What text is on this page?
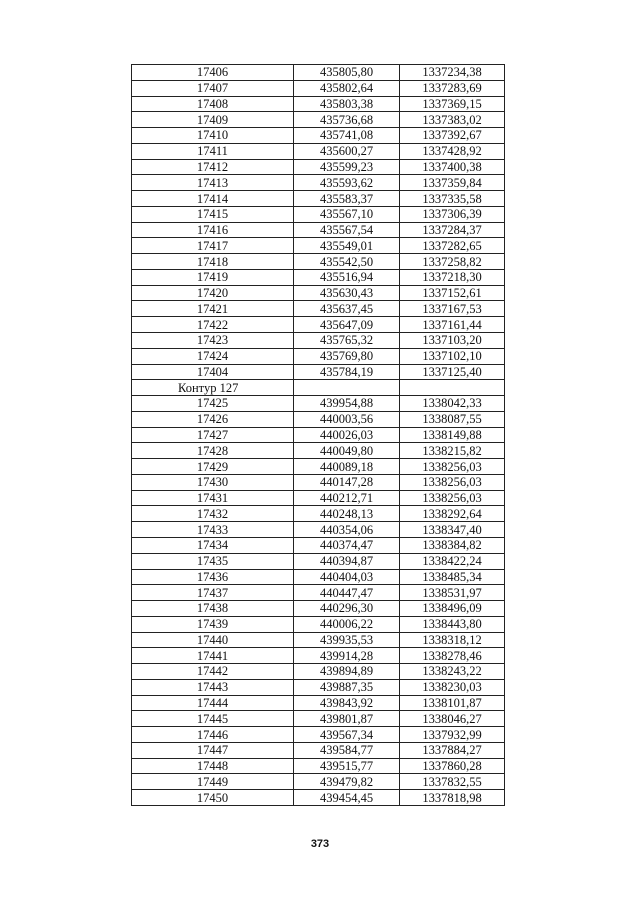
17406	435805,80	1337234,38
17407	435802,64	1337283,69
17408	435803,38	1337369,15
17409	435736,68	1337383,02
17410	435741,08	1337392,67
17411	435600,27	1337428,92
17412	435599,23	1337400,38
17413	435593,62	1337359,84
17414	435583,37	1337335,58
17415	435567,10	1337306,39
17416	435567,54	1337284,37
17417	435549,01	1337282,65
17418	435542,50	1337258,82
17419	435516,94	1337218,30
17420	435630,43	1337152,61
17421	435637,45	1337167,53
17422	435647,09	1337161,44
17423	435765,32	1337103,20
17424	435769,80	1337102,10
17404	435784,19	1337125,40
Контур 127		
17425	439954,88	1338042,33
17426	440003,56	1338087,55
17427	440026,03	1338149,88
17428	440049,80	1338215,82
17429	440089,18	1338256,03
17430	440147,28	1338256,03
17431	440212,71	1338256,03
17432	440248,13	1338292,64
17433	440354,06	1338347,40
17434	440374,47	1338384,82
17435	440394,87	1338422,24
17436	440404,03	1338485,34
17437	440447,47	1338531,97
17438	440296,30	1338496,09
17439	440006,22	1338443,80
17440	439935,53	1338318,12
17441	439914,28	1338278,46
17442	439894,89	1338243,22
17443	439887,35	1338230,03
17444	439843,92	1338101,87
17445	439801,87	1338046,27
17446	439567,34	1337932,99
17447	439584,77	1337884,27
17448	439515,77	1337860,28
17449	439479,82	1337832,55
17450	439454,45	1337818,98
373
